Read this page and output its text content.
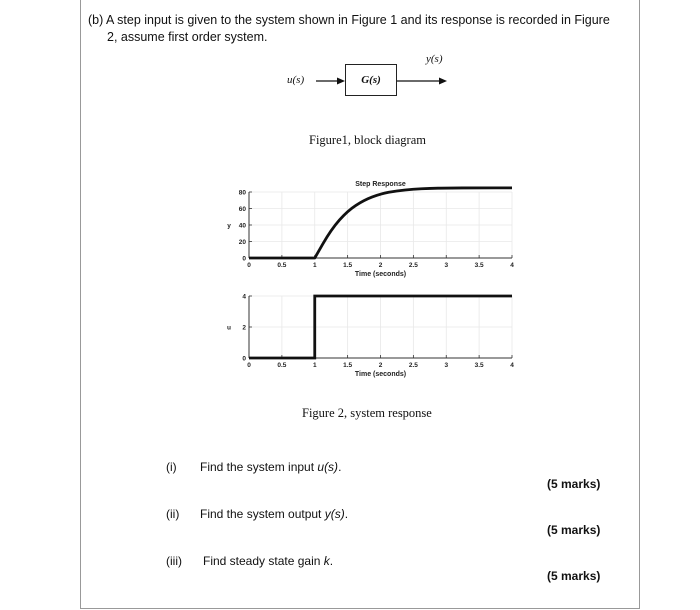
(b) A step input is given to the system shown in Figure 1 and its response is recorded in Figure
2, assume first order system.
u(s)
y(s)
G(s)
Figure1, block diagram
0	0.5	1	1.5	2	2.5	3	3.5	4
0
20
40
60
80
y
Time (seconds)
Step Response
0	0.5	1	1.5	2	2.5	3	3.5	4
0
2
4
u
Time (seconds)
Figure 2, system response
(i) Find the system input u(s).
(5 marks)
(ii) Find the system output y(s).
(5 marks)
(iii) Find steady state gain k.
(5 marks)
